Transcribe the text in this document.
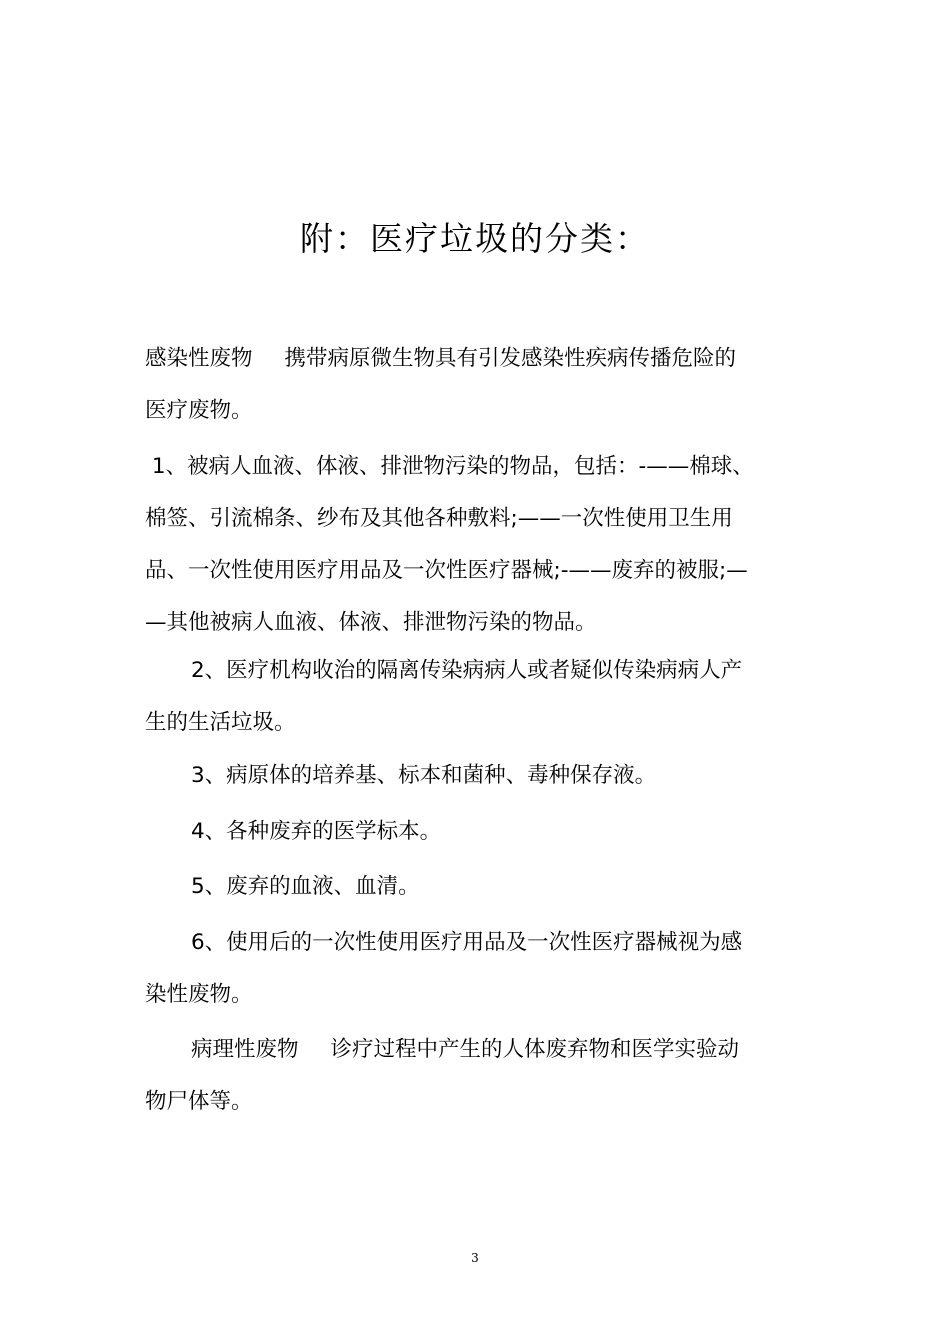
附：医疗垃圾的分类：
感染性废物 携带病原微生物具有引发感染性疾病传播危险的
医疗废物。
1、被病人血液、体液、排泄物污染的物品，包括：-——棉球、
棉签、引流棉条、纱布及其他各种敷料;——一次性使用卫生用
品、一次性使用医疗用品及一次性医疗器械;-——废弃的被服;—
—其他被病人血液、体液、排泄物污染的物品。
2、医疗机构收治的隔离传染病病人或者疑似传染病病人产
生的生活垃圾。
3、病原体的培养基、标本和菌种、毒种保存液。
4、各种废弃的医学标本。
5、废弃的血液、血清。
6、使用后的一次性使用医疗用品及一次性医疗器械视为感
染性废物。
病理性废物 诊疗过程中产生的人体废弃物和医学实验动
物尸体等。
3
